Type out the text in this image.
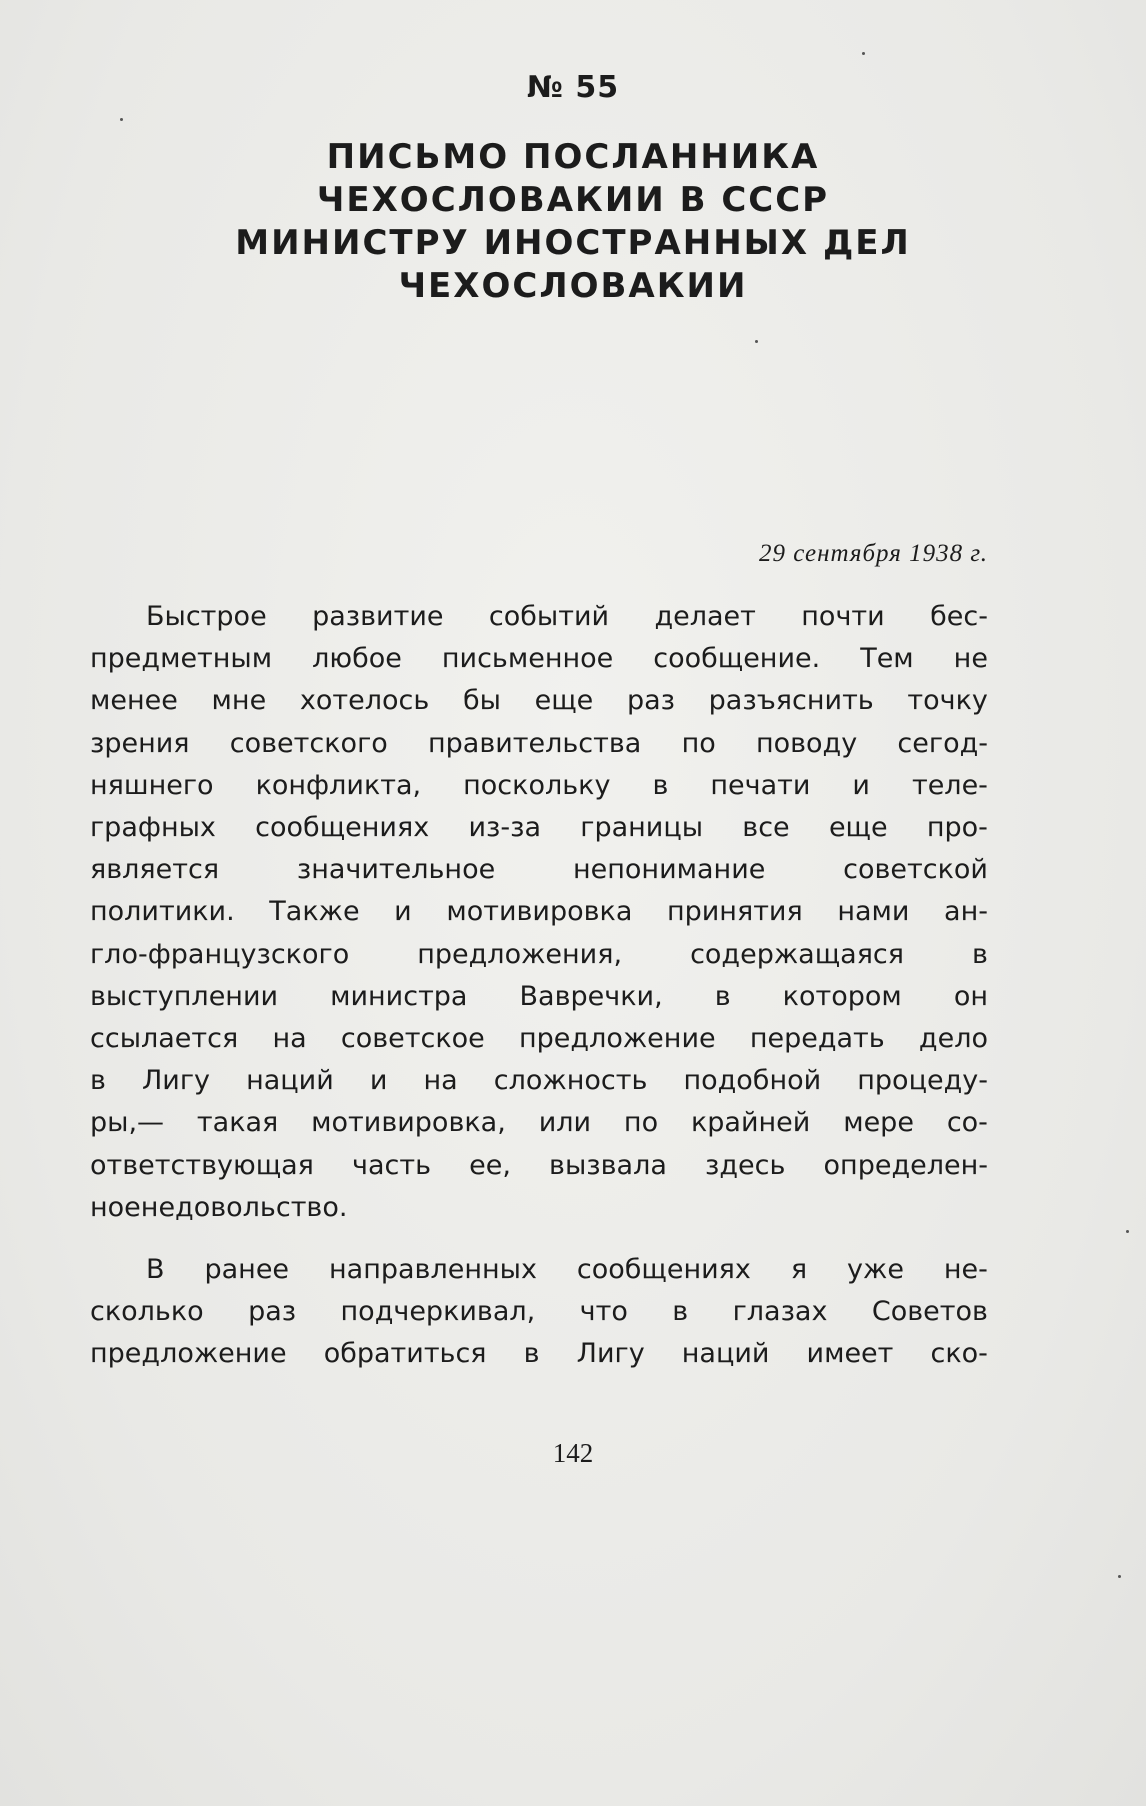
№ 55
ПИСЬМО ПОСЛАННИКА
ЧЕХОСЛОВАКИИ В СССР
МИНИСТРУ ИНОСТРАННЫХ ДЕЛ
ЧЕХОСЛОВАКИИ
29 сентября 1938 г.
Быстрое развитие событий делает почти бес-
предметным любое письменное сообщение. Тем не
менее мне хотелось бы еще раз разъяснить точку
зрения советского правительства по поводу сегод-
няшнего конфликта, поскольку в печати и теле-
графных сообщениях из-за границы все еще про-
является	значительное	непонимание	советской
политики. Также и мотивировка принятия нами ан-
гло-французского	предложения,	содержащаяся	в
выступлении министра Вавречки, в котором он
ссылается на советское предложение передать дело
в Лигу наций и на сложность подобной процеду-
ры,— такая мотивировка, или по крайней мере со-
ответствующая часть ее, вызвала здесь определен-
ное недовольство.
В ранее направленных сообщениях я уже не-
сколько раз подчеркивал, что в глазах Советов
предложение обратиться в Лигу наций имеет ско-
142
